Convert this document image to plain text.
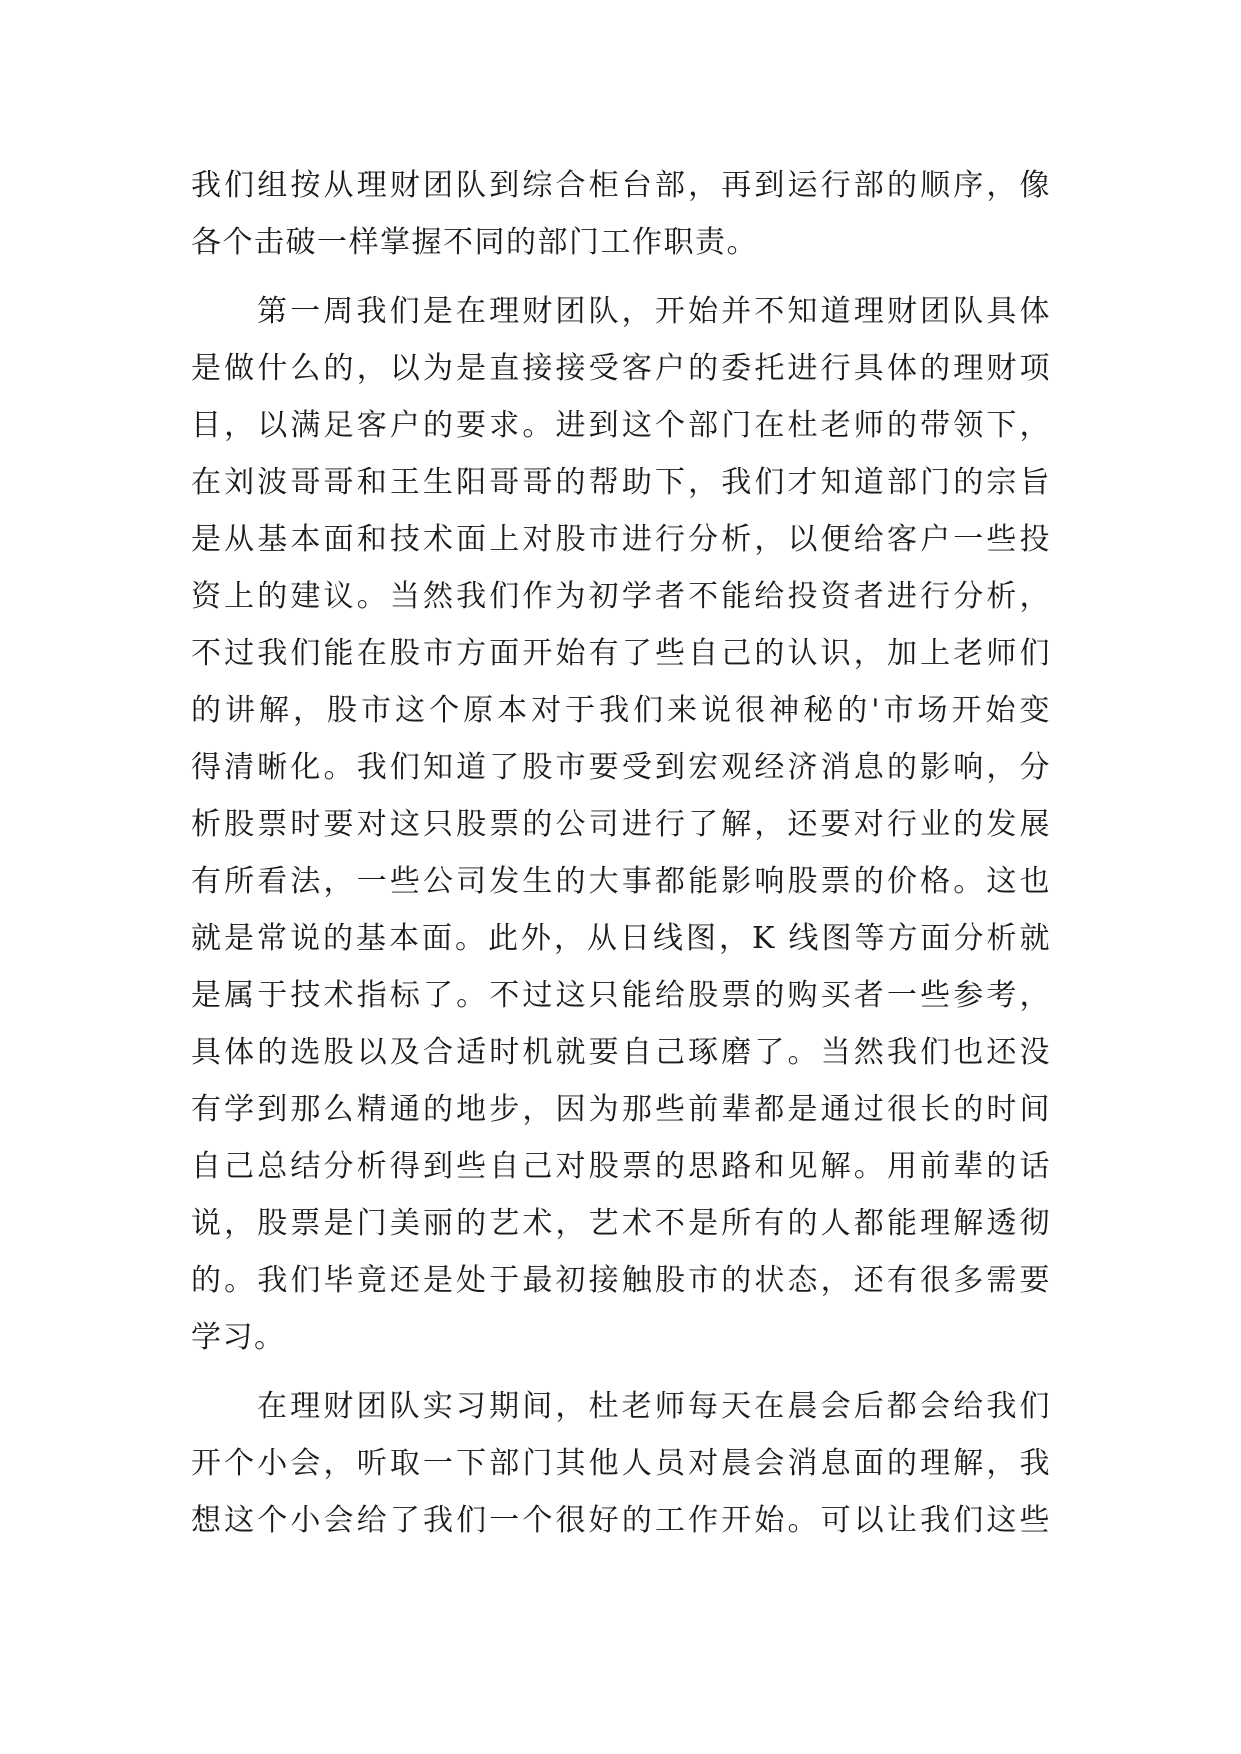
我们组按从理财团队到综合柜台部，再到运行部的顺序，像
各个击破一样掌握不同的部门工作职责。
第一周我们是在理财团队，开始并不知道理财团队具体
是做什么的，以为是直接接受客户的委托进行具体的理财项
目，以满足客户的要求。进到这个部门在杜老师的带领下，
在刘波哥哥和王生阳哥哥的帮助下，我们才知道部门的宗旨
是从基本面和技术面上对股市进行分析，以便给客户一些投
资上的建议。当然我们作为初学者不能给投资者进行分析，
不过我们能在股市方面开始有了些自己的认识，加上老师们
的讲解，股市这个原本对于我们来说很神秘的'市场开始变
得清晰化。我们知道了股市要受到宏观经济消息的影响，分
析股票时要对这只股票的公司进行了解，还要对行业的发展
有所看法，一些公司发生的大事都能影响股票的价格。这也
就是常说的基本面。此外，从日线图，K 线图等方面分析就
是属于技术指标了。不过这只能给股票的购买者一些参考，
具体的选股以及合适时机就要自己琢磨了。当然我们也还没
有学到那么精通的地步，因为那些前辈都是通过很长的时间
自己总结分析得到些自己对股票的思路和见解。用前辈的话
说，股票是门美丽的艺术，艺术不是所有的人都能理解透彻
的。我们毕竟还是处于最初接触股市的状态，还有很多需要
学习。
在理财团队实习期间，杜老师每天在晨会后都会给我们
开个小会，听取一下部门其他人员对晨会消息面的理解，我
想这个小会给了我们一个很好的工作开始。可以让我们这些
